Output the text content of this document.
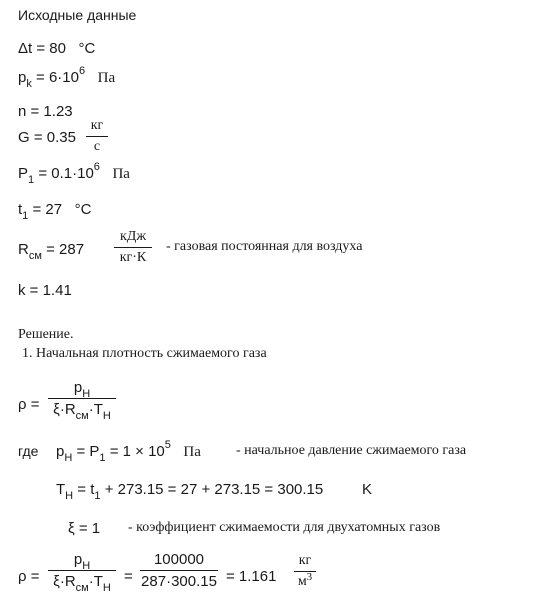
Исходные данные
Δt = 80 °C
$p_k = 6\cdot 10^6$ Па
n = 1.23
G = 0.35
кг
с
$P_1 = 0.1\cdot 10^6$ Па
$t_1 = 27$ °C
$R_{см} = 287$
кДж
кг·К
- газовая постоянная для воздуха
k = 1.41
Решение.
1. Начальная плотность сжимаемого газа
ρ =
$p_Н$
$\xi\cdot R_{см}\cdot T_Н$
где $p_Н = P_1 = 1 \times 10^5$ Па	- начальное давление сжимаемого газа
$T_Н = t_1 + 273.15 = 27 + 273.15 = 300.15$	K
ξ = 1 - коэффициент сжимаемости для двухатомных газов
ρ =
$p_Н$
$\xi\cdot R_{см}\cdot T_Н$
=
100000
287·300.15 = 1.161
кг
$м^3$
